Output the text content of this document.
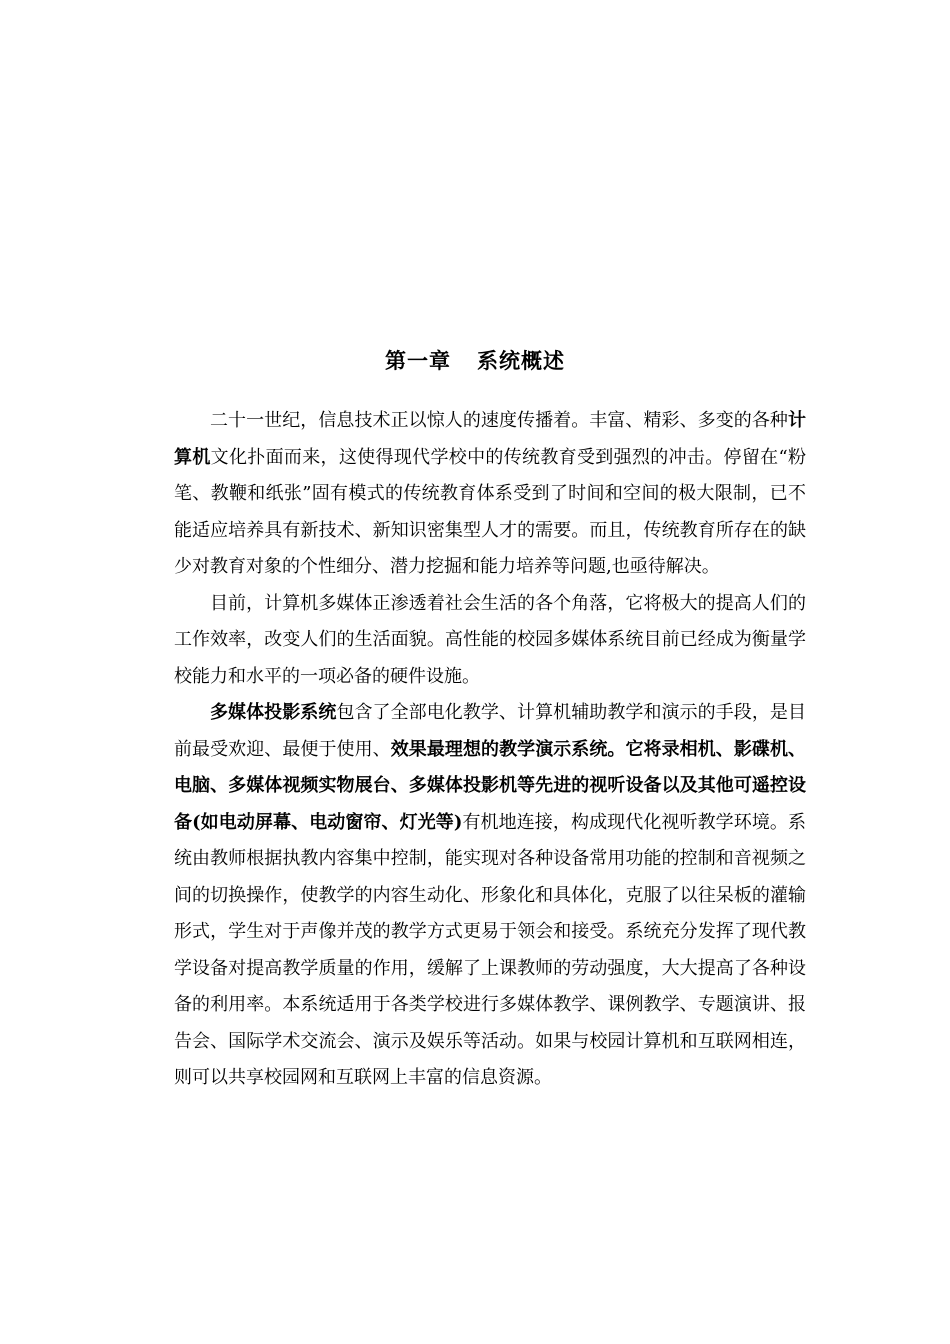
第一章 系统概述

二十一世纪，信息技术正以惊人的速度传播着。丰富、精彩、多变的各种计算机文化扑面而来，这使得现代学校中的传统教育受到强烈的冲击。停留在“粉笔、教鞭和纸张”固有模式的传统教育体系受到了时间和空间的极大限制，已不能适应培养具有新技术、新知识密集型人才的需要。而且，传统教育所存在的缺少对教育对象的个性细分、潜力挖掘和能力培养等问题,也亟待解决。

目前，计算机多媒体正渗透着社会生活的各个角落，它将极大的提高人们的工作效率，改变人们的生活面貌。高性能的校园多媒体系统目前已经成为衡量学校能力和水平的一项必备的硬件设施。

多媒体投影系统包含了全部电化教学、计算机辅助教学和演示的手段，是目前最受欢迎、最便于使用、效果最理想的教学演示系统。它将录相机、影碟机、电脑、多媒体视频实物展台、多媒体投影机等先进的视听设备以及其他可遥控设备(如电动屏幕、电动窗帘、灯光等)有机地连接，构成现代化视听教学环境。系统由教师根据执教内容集中控制，能实现对各种设备常用功能的控制和音视频之间的切换操作，使教学的内容生动化、形象化和具体化，克服了以往呆板的灌输形式，学生对于声像并茂的教学方式更易于领会和接受。系统充分发挥了现代教学设备对提高教学质量的作用，缓解了上课教师的劳动强度，大大提高了各种设备的利用率。本系统适用于各类学校进行多媒体教学、课例教学、专题演讲、报告会、国际学术交流会、演示及娱乐等活动。如果与校园计算机和互联网相连，则可以共享校园网和互联网上丰富的信息资源。
